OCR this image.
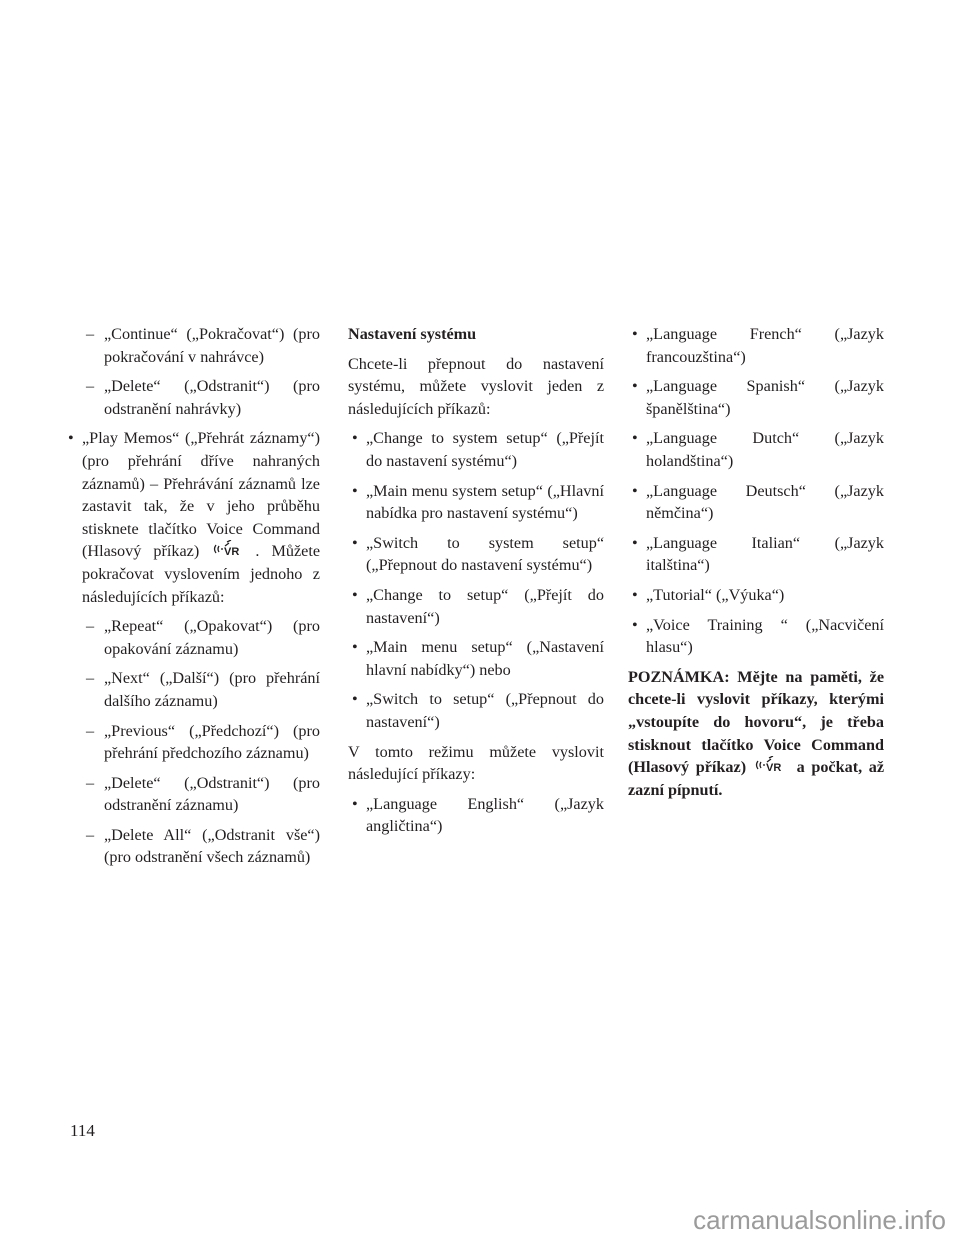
– „Continue“ („Pokračovat“) (pro pokračování v nahrávce)
– „Delete“ („Odstranit“) (pro odstranění nahrávky)
• „Play Memos“ („Přehrát záznamy“) (pro přehrání dříve nahraných záznamů) – Přehrávání záznamů lze zastavit tak, že v jeho průběhu stisknete tlačítko Voice Command (Hlasový příkaz) VR . Můžete pokračovat vyslovením jednoho z následujících příkazů:
– „Repeat“ („Opakovat“) (pro opakování záznamu)
– „Next“ („Další“) (pro přehrání dalšího záznamu)
– „Previous“ („Předchozí“) (pro přehrání předchozího záznamu)
– „Delete“ („Odstranit“) (pro odstranění záznamu)
– „Delete All“ („Odstranit vše“) (pro odstranění všech záznamů)
Nastavení systému
Chcete-li přepnout do nastavení systému, můžete vyslovit jeden z následujících příkazů:
• „Change to system setup“ („Přejít do nastavení systému“)
• „Main menu system setup“ („Hlavní nabídka pro nastavení systému“)
• „Switch to system setup“ („Přepnout do nastavení systému“)
• „Change to setup“ („Přejít do nastavení“)
• „Main menu setup“ („Nastavení hlavní nabídky“) nebo
• „Switch to setup“ („Přepnout do nastavení“)
V tomto režimu můžete vyslovit následující příkazy:
• „Language English“ („Jazyk angličtina“)
• „Language French“ („Jazyk francouzština“)
• „Language Spanish“ („Jazyk španělština“)
• „Language Dutch“ („Jazyk holandština“)
• „Language Deutsch“ („Jazyk němčina“)
• „Language Italian“ („Jazyk italština“)
• „Tutorial“ („Výuka“)
• „Voice Training “ („Nacvičení hlasu“)
POZNÁMKA: Mějte na paměti, že chcete-li vyslovit příkazy, kterými „vstoupíte do hovoru“, je třeba stisknout tlačítko Voice Command (Hlasový příkaz) VR a počkat, až zazní pípnutí.
114
carmanualsonline.info
